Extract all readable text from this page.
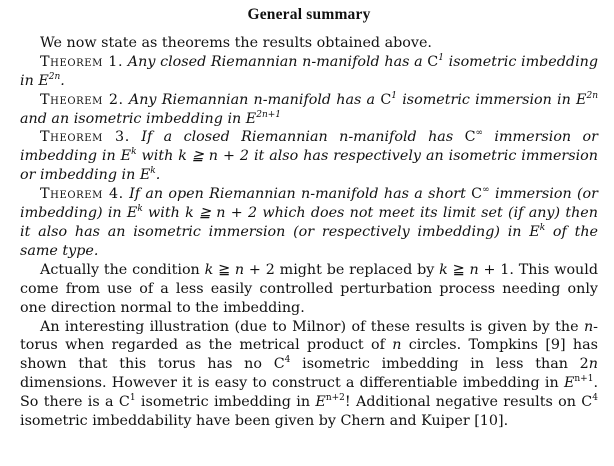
General summary

We now state as theorems the results obtained above.

Theorem 1. Any closed Riemannian n-manifold has a $C^1$ isometric imbedding in $E^{2n}$.

Theorem 2. Any Riemannian n-manifold has a $C^1$ isometric immersion in $E^{2n}$ and an isometric imbedding in $E^{2n+1}$

Theorem 3. If a closed Riemannian n-manifold has C∞ immersion or imbedding in $E^k$ with k ≧ n + 2 it also has respectively an isometric immersion or imbedding in $E^k$.

Theorem 4. If an open Riemannian n-manifold has a short C∞ immersion (or imbedding) in $E^k$ with k ≧ n + 2 which does not meet its limit set (if any) then it also has an isometric immersion (or respectively imbedding) in $E^k$ of the same type.

Actually the condition k ≧ n + 2 might be replaced by k ≧ n + 1. This would come from use of a less easily controlled perturbation process needing only one direction normal to the imbedding.

An interesting illustration (due to Milnor) of these results is given by the n-torus when regarded as the metrical product of n circles. Tompkins [9] has shown that this torus has no $C^4$ isometric imbedding in less than 2n dimensions. However it is easy to construct a differentiable imbedding in $E^{n+1}$. So there is a $C^1$ isometric imbedding in $E^{n+2}$! Additional negative results on $C^4$ isometric imbeddability have been given by Chern and Kuiper [10].
